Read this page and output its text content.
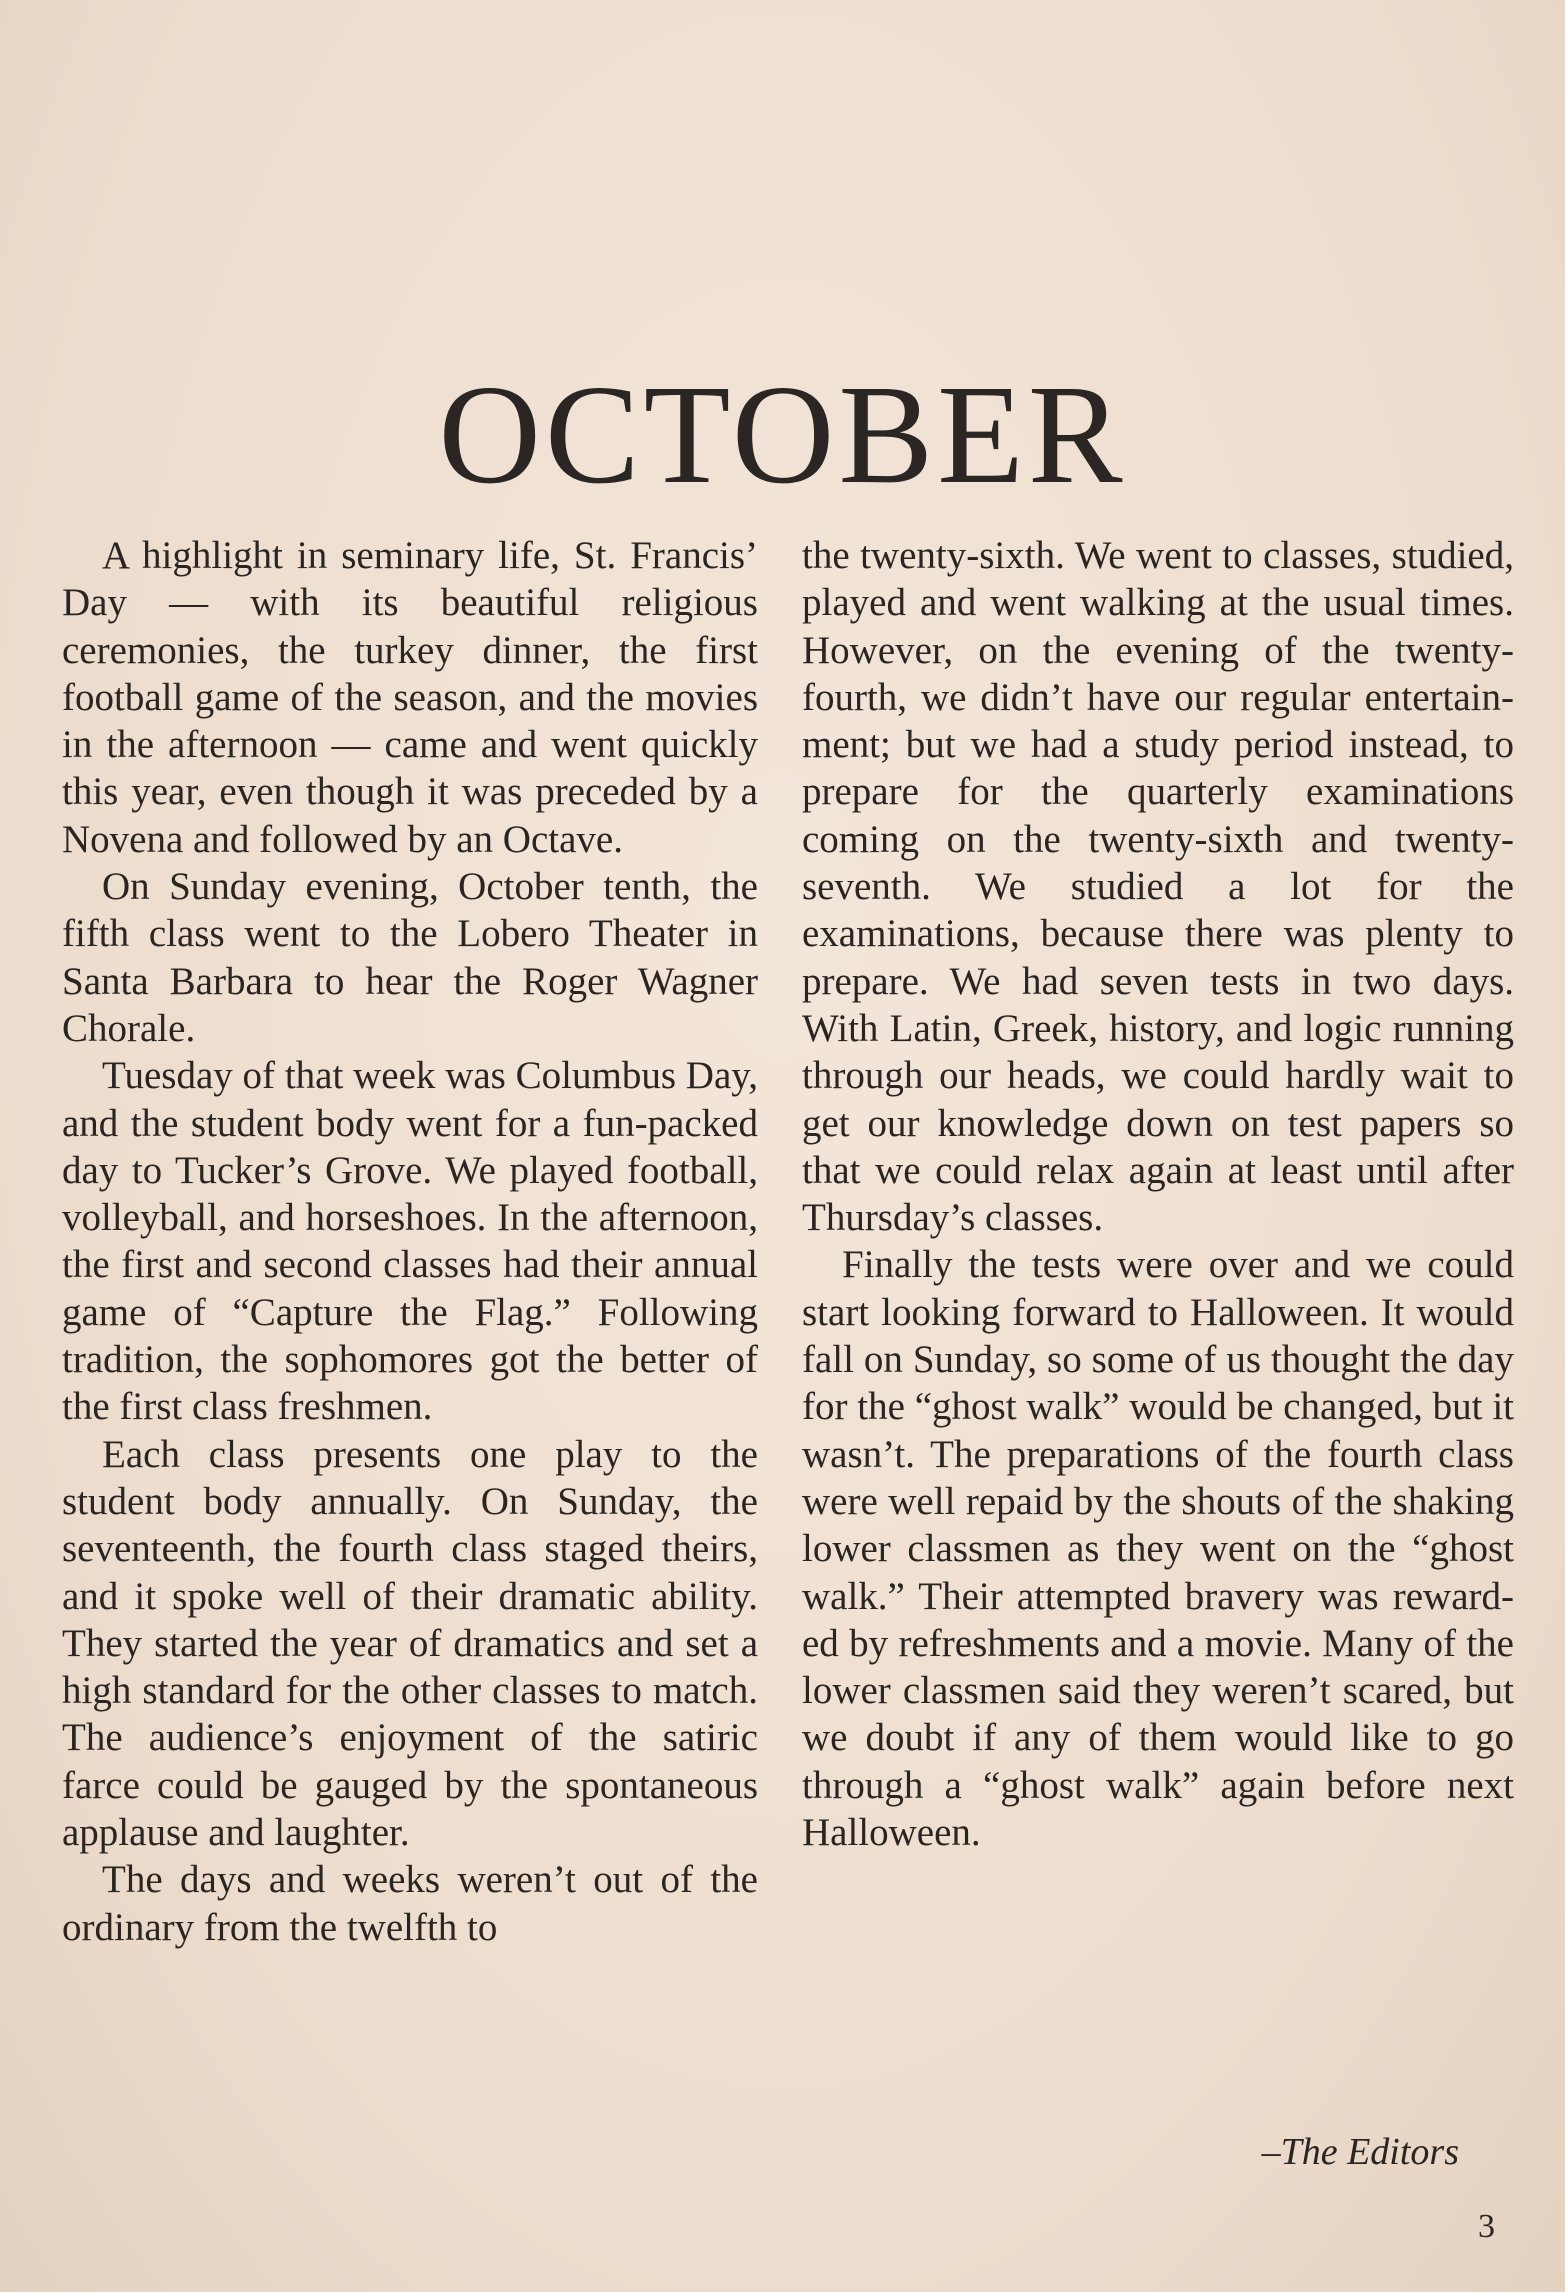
OCTOBER

A highlight in seminary life, St. Francis’ Day — with its beautiful religious ceremonies, the turkey dinner, the first football game of the season, and the movies in the afternoon — came and went quickly this year, even though it was preceded by a Novena and followed by an Octave.

On Sunday evening, October tenth, the fifth class went to the Lobero Theater in Santa Barbara to hear the Roger Wagner Chorale.

Tuesday of that week was Columbus Day, and the student body went for a fun-packed day to Tucker’s Grove. We played football, volleyball, and horseshoes. In the afternoon, the first and second classes had their annual game of “Capture the Flag.” Following tradition, the sophomores got the better of the first class freshmen.

Each class presents one play to the student body annually. On Sunday, the seventeenth, the fourth class staged theirs, and it spoke well of their dramatic ability. They started the year of dramatics and set a high standard for the other classes to match. The audience’s enjoyment of the satiric farce could be gauged by the spontaneous applause and laughter.

The days and weeks weren’t out of the ordinary from the twelfth to

the twenty-sixth. We went to classes, studied, played and went walking at the usual times. However, on the evening of the twenty-fourth, we didn’t have our regular entertainment; but we had a study period instead, to prepare for the quarterly examinations coming on the twenty-sixth and twenty-seventh. We studied a lot for the examinations, because there was plenty to prepare. We had seven tests in two days. With Latin, Greek, history, and logic running through our heads, we could hardly wait to get our knowledge down on test papers so that we could relax again at least until after Thursday’s classes.

Finally the tests were over and we could start looking forward to Halloween. It would fall on Sunday, so some of us thought the day for the “ghost walk” would be changed, but it wasn’t. The preparations of the fourth class were well repaid by the shouts of the shaking lower classmen as they went on the “ghost walk.” Their attempted bravery was rewarded by refreshments and a movie. Many of the lower classmen said they weren’t scared, but we doubt if any of them would like to go through a “ghost walk” again before next Halloween.

–The Editors
3
